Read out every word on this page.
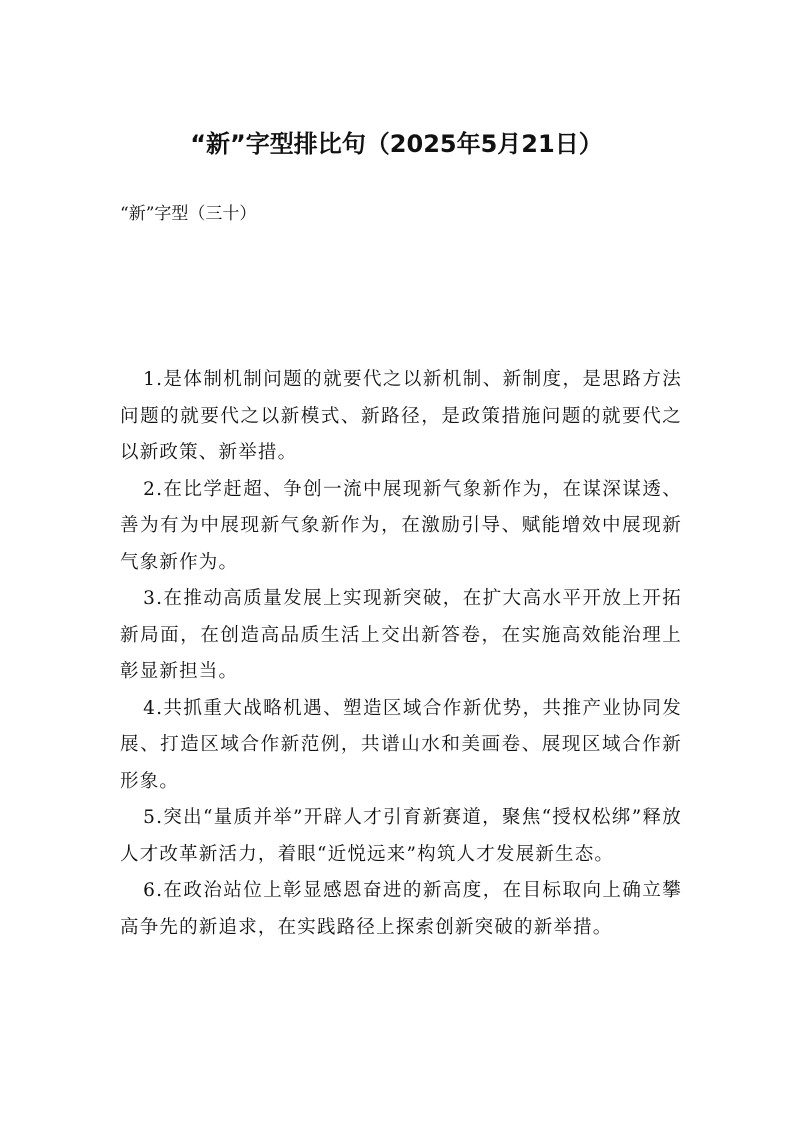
“新”字型排比句（2025年5月21日）

“新”字型（三十）

1.是体制机制问题的就要代之以新机制、新制度，是思路方法问题的就要代之以新模式、新路径，是政策措施问题的就要代之以新政策、新举措。

2.在比学赶超、争创一流中展现新气象新作为，在谋深谋透、善为有为中展现新气象新作为，在激励引导、赋能增效中展现新气象新作为。

3.在推动高质量发展上实现新突破，在扩大高水平开放上开拓新局面，在创造高品质生活上交出新答卷，在实施高效能治理上彰显新担当。

4.共抓重大战略机遇、塑造区域合作新优势，共推产业协同发展、打造区域合作新范例，共谱山水和美画卷、展现区域合作新形象。

5.突出“量质并举”开辟人才引育新赛道，聚焦“授权松绑”释放人才改革新活力，着眼“近悦远来”构筑人才发展新生态。

6.在政治站位上彰显感恩奋进的新高度，在目标取向上确立攀高争先的新追求，在实践路径上探索创新突破的新举措。
